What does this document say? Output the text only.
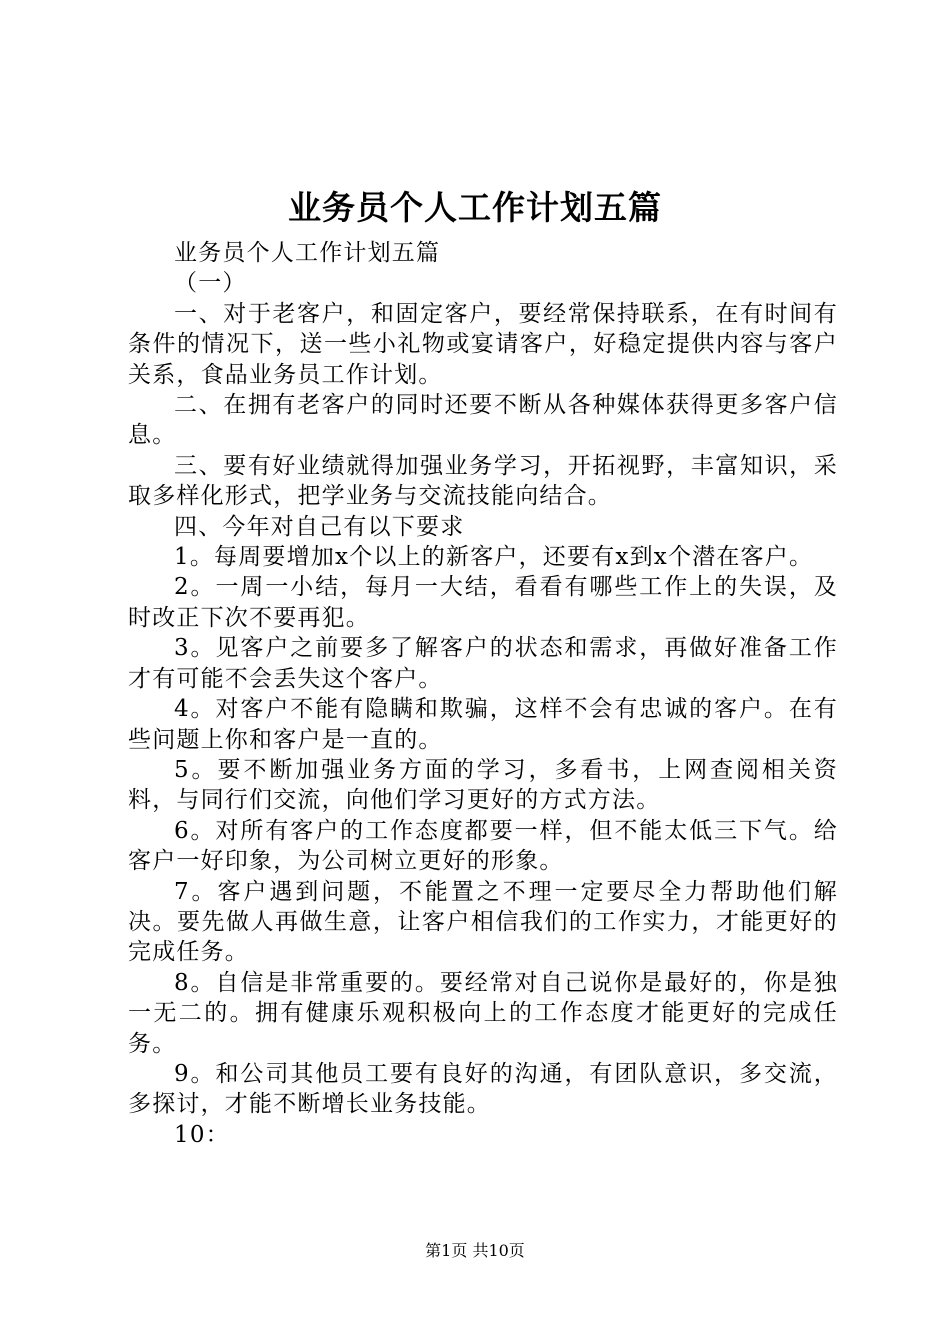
业务员个人工作计划五篇

业务员个人工作计划五篇

（一）

一、对于老客户，和固定客户，要经常保持联系，在有时间有条件的情况下，送一些小礼物或宴请客户，好稳定提供内容与客户关系，食品业务员工作计划。

二、在拥有老客户的同时还要不断从各种媒体获得更多客户信息。

三、要有好业绩就得加强业务学习，开拓视野，丰富知识，采取多样化形式，把学业务与交流技能向结合。

四、今年对自己有以下要求

1。每周要增加x个以上的新客户，还要有x到x个潜在客户。

2。一周一小结，每月一大结，看看有哪些工作上的失误，及时改正下次不要再犯。

3。见客户之前要多了解客户的状态和需求，再做好准备工作才有可能不会丢失这个客户。

4。对客户不能有隐瞒和欺骗，这样不会有忠诚的客户。在有些问题上你和客户是一直的。

5。要不断加强业务方面的学习，多看书，上网查阅相关资料，与同行们交流，向他们学习更好的方式方法。

6。对所有客户的工作态度都要一样，但不能太低三下气。给客户一好印象，为公司树立更好的形象。

7。客户遇到问题，不能置之不理一定要尽全力帮助他们解决。要先做人再做生意，让客户相信我们的工作实力，才能更好的完成任务。

8。自信是非常重要的。要经常对自己说你是最好的，你是独一无二的。拥有健康乐观积极向上的工作态度才能更好的完成任务。

9。和公司其他员工要有良好的沟通，有团队意识，多交流，多探讨，才能不断增长业务技能。

10：

第1页 共10页
